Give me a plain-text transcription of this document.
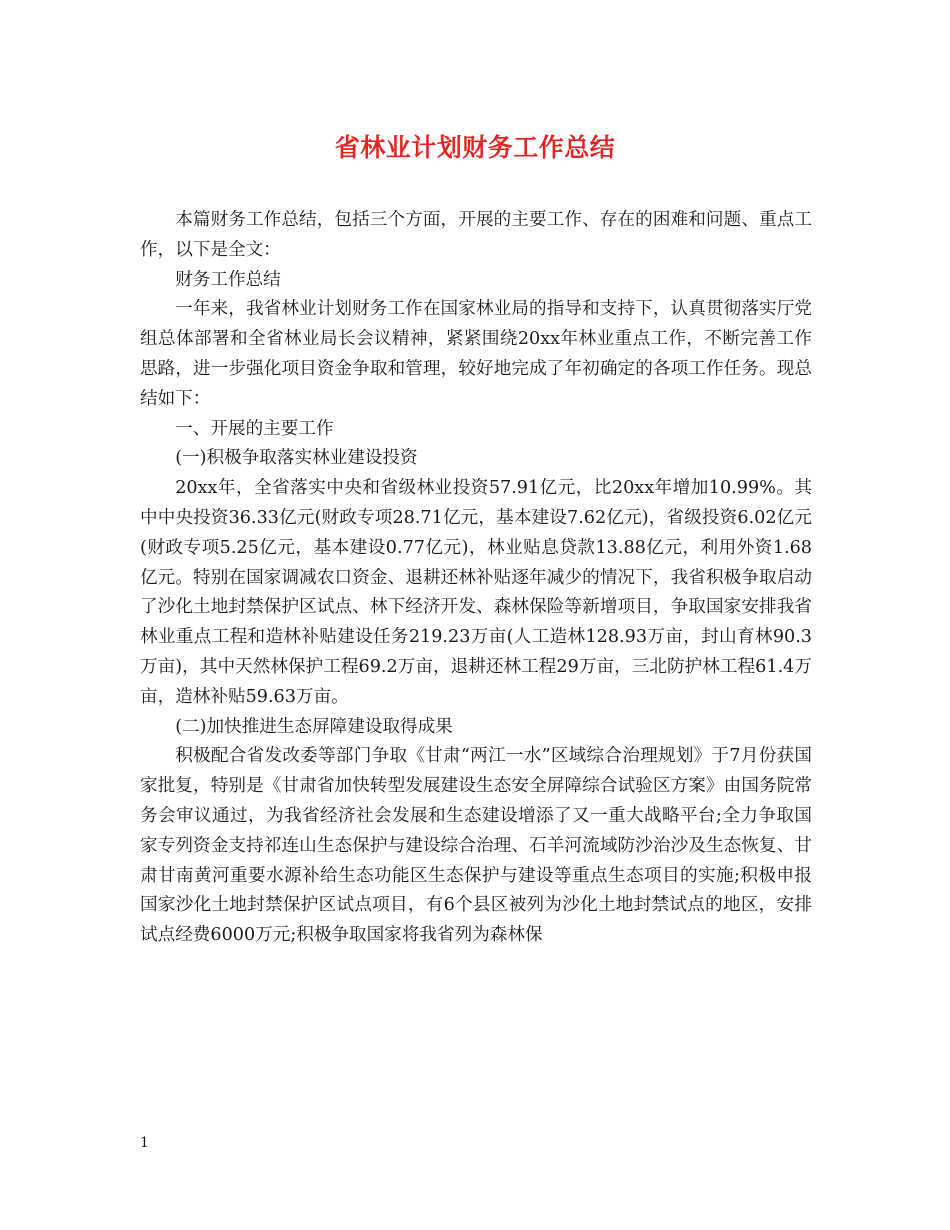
省林业计划财务工作总结

本篇财务工作总结，包括三个方面，开展的主要工作、存在的困难和问题、重点工作，以下是全文：

财务工作总结

一年来，我省林业计划财务工作在国家林业局的指导和支持下，认真贯彻落实厅党组总体部署和全省林业局长会议精神，紧紧围绕20xx年林业重点工作，不断完善工作思路，进一步强化项目资金争取和管理，较好地完成了年初确定的各项工作任务。现总结如下：

一、开展的主要工作

(一)积极争取落实林业建设投资

20xx年，全省落实中央和省级林业投资57.91亿元，比20xx年增加10.99%。其中中央投资36.33亿元(财政专项28.71亿元，基本建设7.62亿元)，省级投资6.02亿元(财政专项5.25亿元，基本建设0.77亿元)，林业贴息贷款13.88亿元，利用外资1.68亿元。特别在国家调减农口资金、退耕还林补贴逐年减少的情况下，我省积极争取启动了沙化土地封禁保护区试点、林下经济开发、森林保险等新增项目，争取国家安排我省林业重点工程和造林补贴建设任务219.23万亩(人工造林128.93万亩，封山育林90.3万亩)，其中天然林保护工程69.2万亩，退耕还林工程29万亩，三北防护林工程61.4万亩，造林补贴59.63万亩。

(二)加快推进生态屏障建设取得成果

积极配合省发改委等部门争取《甘肃“两江一水”区域综合治理规划》于7月份获国家批复，特别是《甘肃省加快转型发展建设生态安全屏障综合试验区方案》由国务院常务会审议通过，为我省经济社会发展和生态建设增添了又一重大战略平台;全力争取国家专列资金支持祁连山生态保护与建设综合治理、石羊河流域防沙治沙及生态恢复、甘肃甘南黄河重要水源补给生态功能区生态保护与建设等重点生态项目的实施;积极申报国家沙化土地封禁保护区试点项目，有6个县区被列为沙化土地封禁试点的地区，安排试点经费6000万元;积极争取国家将我省列为森林保

1
